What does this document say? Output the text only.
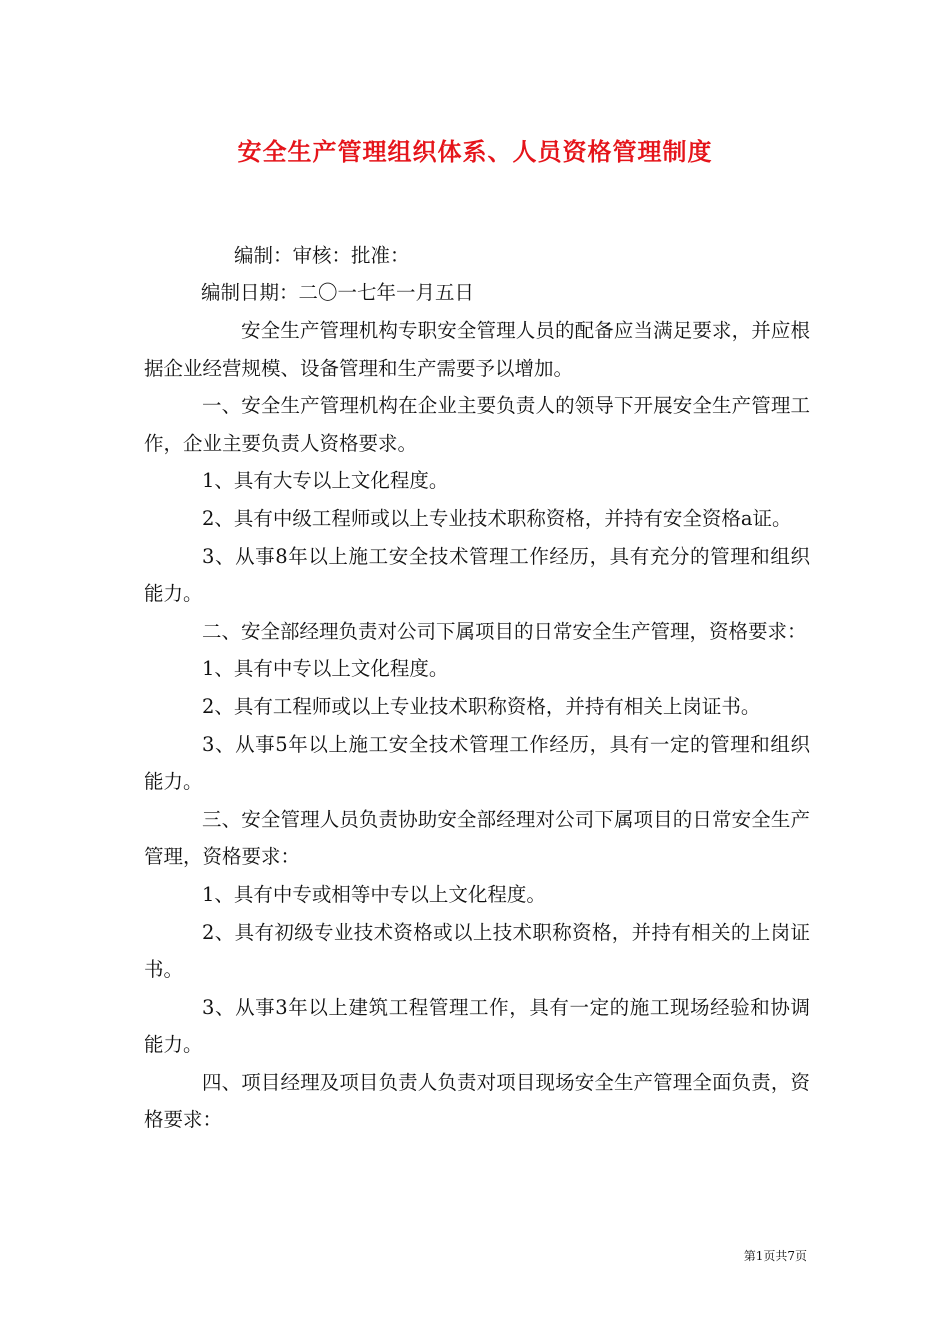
安全生产管理组织体系、人员资格管理制度
编制：审核：批准：
编制日期：二〇一七年一月五日

安全生产管理机构专职安全管理人员的配备应当满足要求，并应根据企业经营规模、设备管理和生产需要予以增加。

一、安全生产管理机构在企业主要负责人的领导下开展安全生产管理工作，企业主要负责人资格要求。

1、具有大专以上文化程度。

2、具有中级工程师或以上专业技术职称资格，并持有安全资格a证。

3、从事8年以上施工安全技术管理工作经历，具有充分的管理和组织能力。

二、安全部经理负责对公司下属项目的日常安全生产管理，资格要求：

1、具有中专以上文化程度。

2、具有工程师或以上专业技术职称资格，并持有相关上岗证书。

3、从事5年以上施工安全技术管理工作经历，具有一定的管理和组织能力。

三、安全管理人员负责协助安全部经理对公司下属项目的日常安全生产管理，资格要求：

1、具有中专或相等中专以上文化程度。

2、具有初级专业技术资格或以上技术职称资格，并持有相关的上岗证书。

3、从事3年以上建筑工程管理工作，具有一定的施工现场经验和协调能力。

四、项目经理及项目负责人负责对项目现场安全生产管理全面负责，资格要求：

第1页共7页
